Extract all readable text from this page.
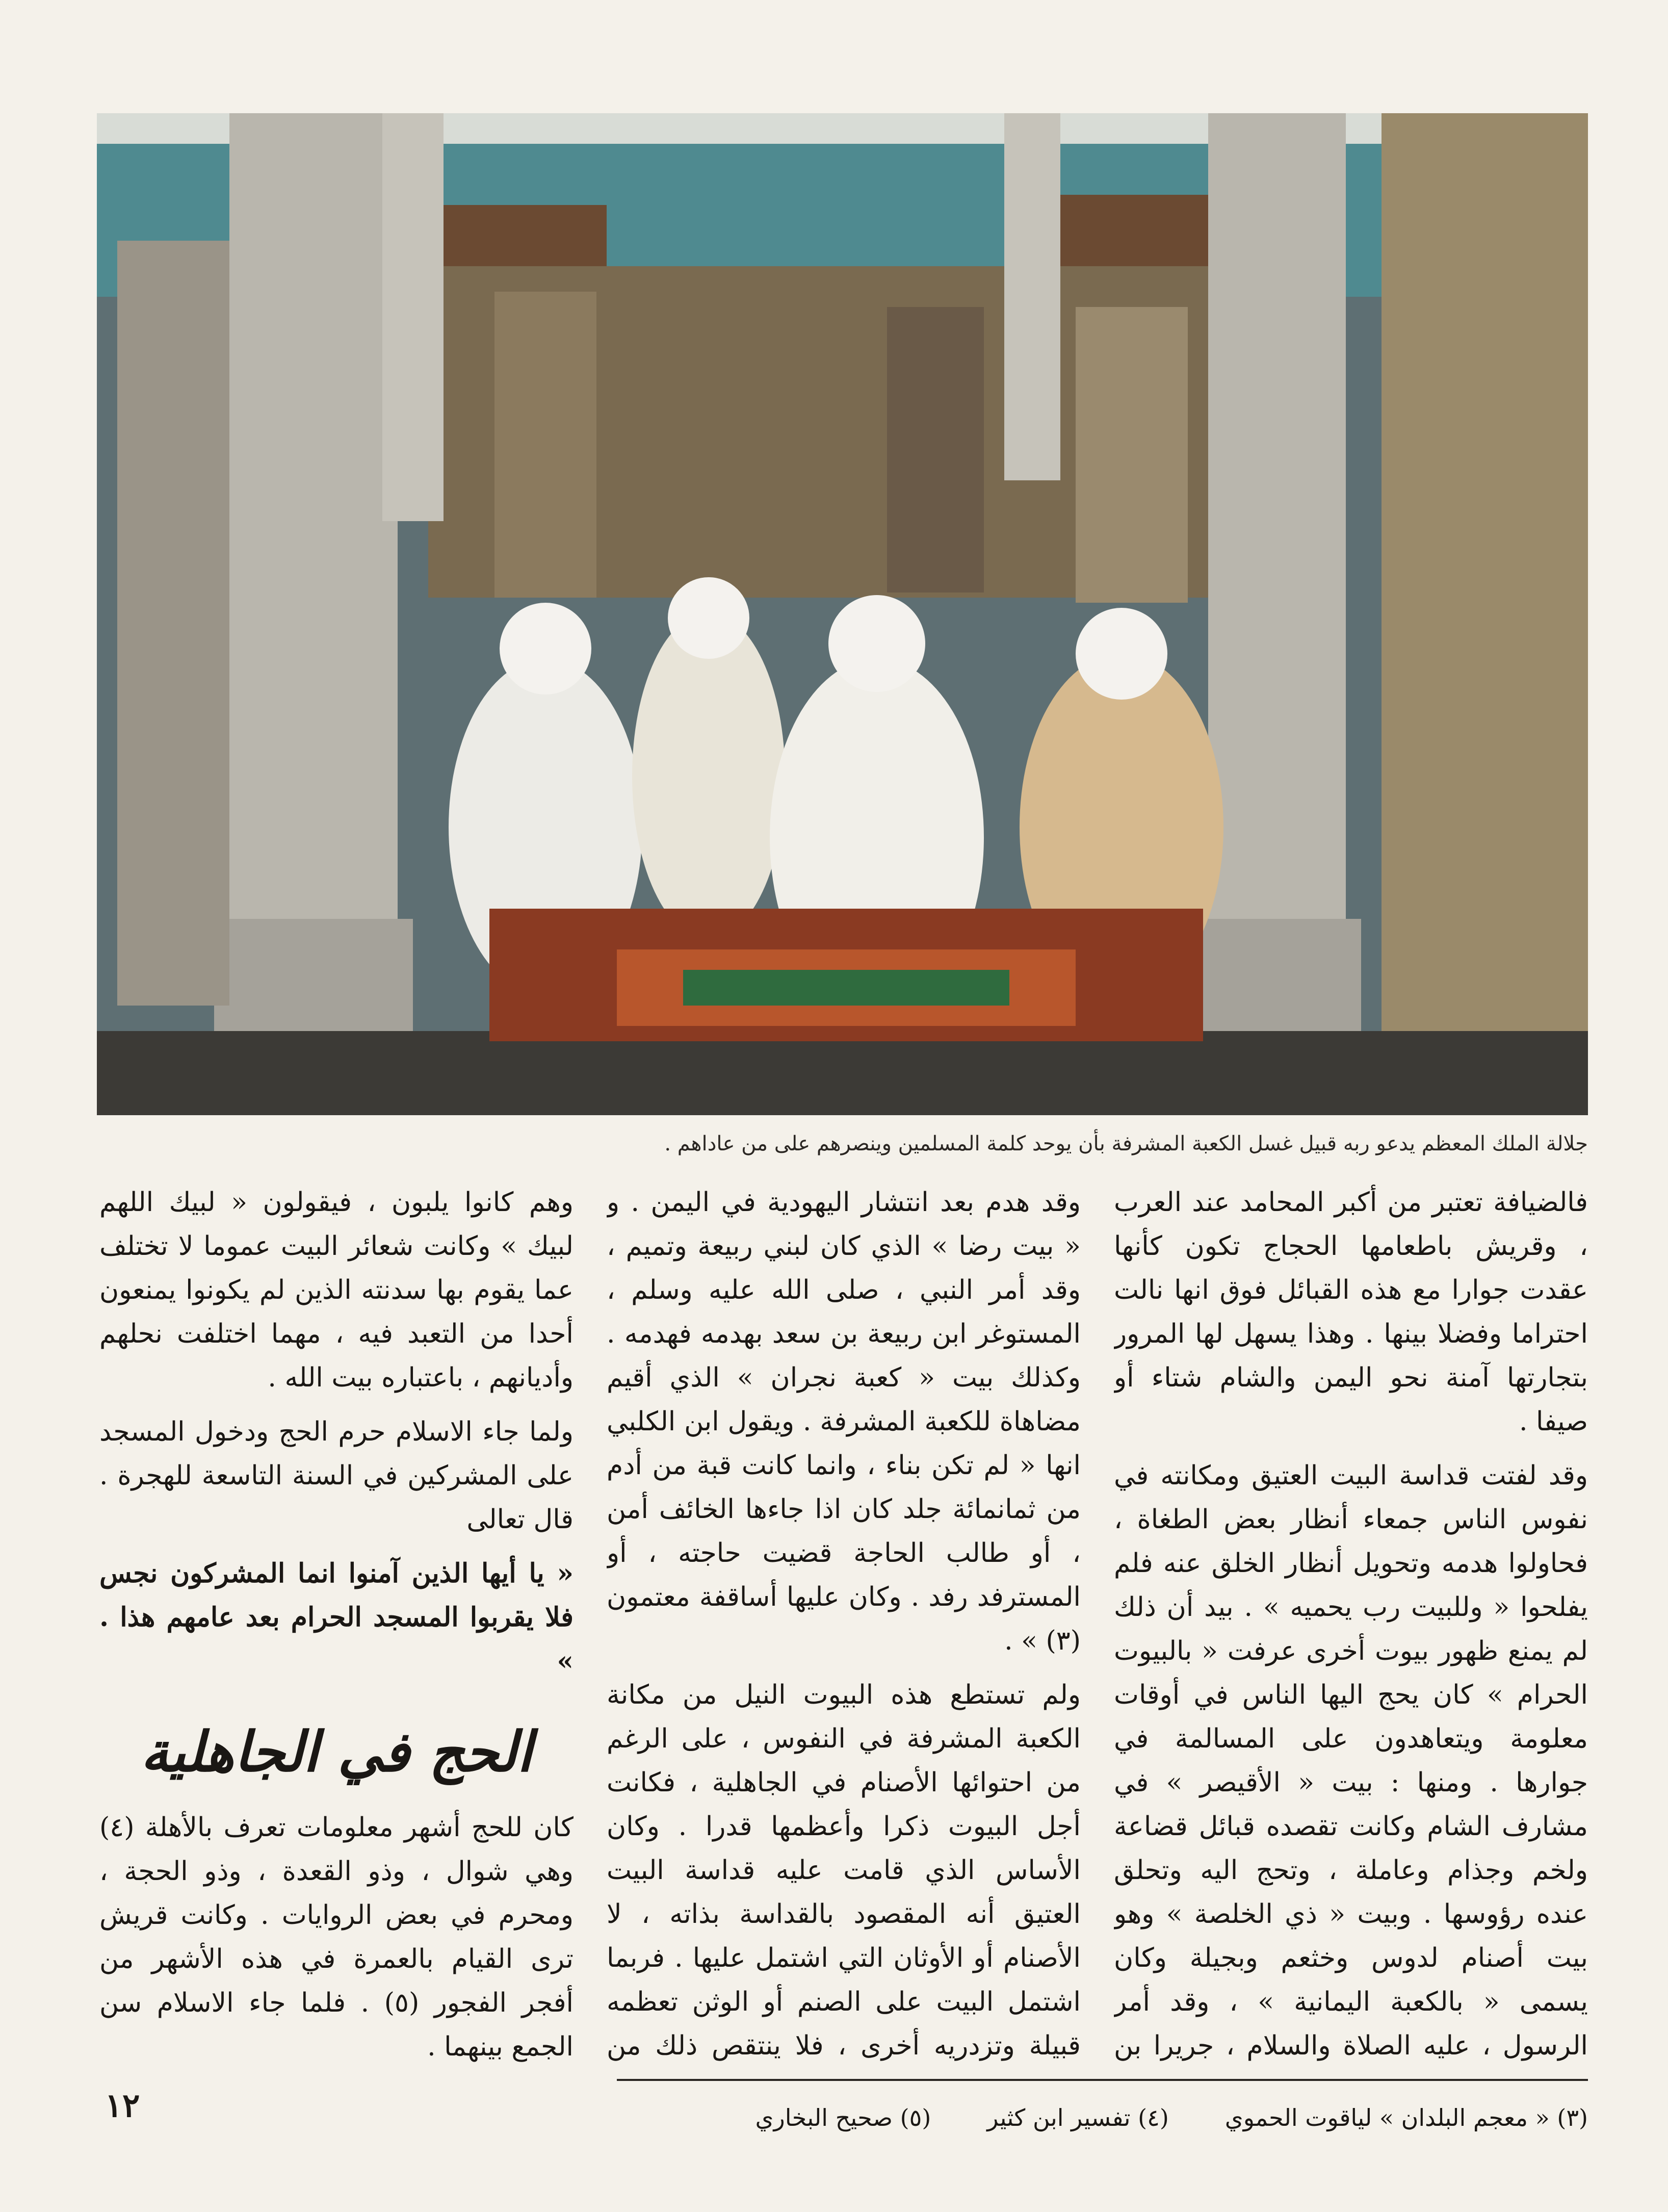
جلالة الملك المعظم يدعو ربه قبيل غسل الكعبة المشرفة بأن يوحد كلمة المسلمين وينصرهم على من عاداهم .

فالضيافة تعتبر من أكبر المحامد عند العرب ، وقريش باطعامها الحجاج تكون كأنها عقدت جوارا مع هذه القبائل فوق انها نالت احتراما وفضلا بينها . وهذا يسهل لها المرور بتجارتها آمنة نحو اليمن والشام شتاء أو صيفا .

وقد لفتت قداسة البيت العتيق ومكانته في نفوس الناس جمعاء أنظار بعض الطغاة ، فحاولوا هدمه وتحويل أنظار الخلق عنه فلم يفلحوا « وللبيت رب يحميه » . بيد أن ذلك لم يمنع ظهور بيوت أخرى عرفت « بالبيوت الحرام » كان يحج اليها الناس في أوقات معلومة ويتعاهدون على المسالمة في جوارها . ومنها : بيت « الأقيصر » في مشارف الشام وكانت تقصده قبائل قضاعة ولخم وجذام وعاملة ، وتحج اليه وتحلق عنده رؤوسها . وبيت « ذي الخلصة » وهو بيت أصنام لدوس وخثعم وبجيلة وكان يسمى « بالكعبة اليمانية » ، وقد أمر الرسول ، عليه الصلاة والسلام ، جريرا بن

وقد هدم بعد انتشار اليهودية في اليمن . و « بيت رضا » الذي كان لبني ربيعة وتميم ، وقد أمر النبي ، صلى الله عليه وسلم ، المستوغر ابن ربيعة بن سعد بهدمه فهدمه . وكذلك بيت « كعبة نجران » الذي أقيم مضاهاة للكعبة المشرفة . ويقول ابن الكلبي انها « لم تكن بناء ، وانما كانت قبة من أدم من ثمانمائة جلد كان اذا جاءها الخائف أمن ، أو طالب الحاجة قضيت حاجته ، أو المسترفد رفد . وكان عليها أساقفة معتمون (٣) » .

ولم تستطع هذه البيوت النيل من مكانة الكعبة المشرفة في النفوس ، على الرغم من احتوائها الأصنام في الجاهلية ، فكانت أجل البيوت ذكرا وأعظمها قدرا . وكان الأساس الذي قامت عليه قداسة البيت العتيق أنه المقصود بالقداسة بذاته ، لا الأصنام أو الأوثان التي اشتمل عليها . فربما اشتمل البيت على الصنم أو الوثن تعظمه قبيلة وتزدريه أخرى ، فلا ينتقص ذلك من

وهم كانوا يلبون ، فيقولون « لبيك اللهم لبيك » وكانت شعائر البيت عموما لا تختلف عما يقوم بها سدنته الذين لم يكونوا يمنعون أحدا من التعبد فيه ، مهما اختلفت نحلهم وأديانهم ، باعتباره بيت الله .

ولما جاء الاسلام حرم الحج ودخول المسجد على المشركين في السنة التاسعة للهجرة . قال تعالى

« يا أيها الذين آمنوا انما المشركون نجس فلا يقربوا المسجد الحرام بعد عامهم هذا . »

الحج في الجاهلية

كان للحج أشهر معلومات تعرف بالأهلة (٤) وهي شوال ، وذو القعدة ، وذو الحجة ، ومحرم في بعض الروايات . وكانت قريش ترى القيام بالعمرة في هذه الأشهر من أفجر الفجور (٥) . فلما جاء الاسلام سن الجمع بينهما .

١٢	(٣) « معجم البلدان » لياقوت الحموي
(٤) تفسير ابن كثير
(٥) صحيح البخاري
